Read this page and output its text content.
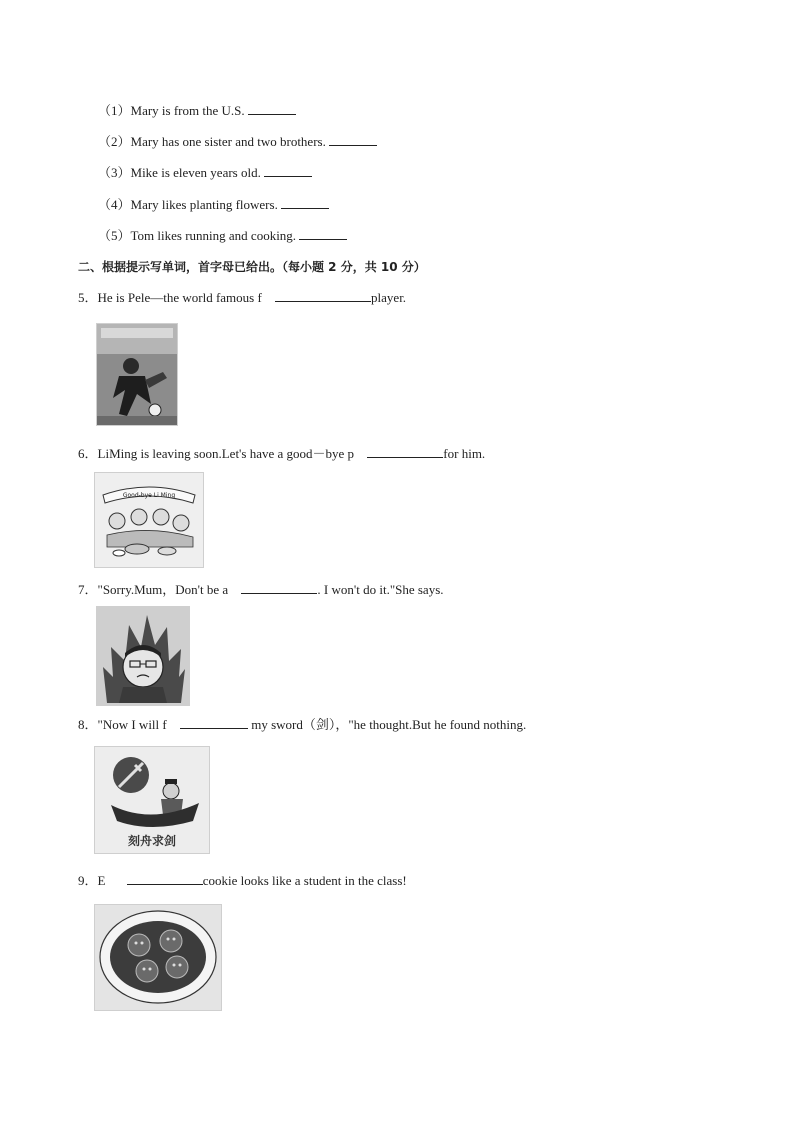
（1）Mary is from the U.S.
（2）Mary has one sister and two brothers.
（3）Mike is eleven years old.
（4）Mary likes planting flowers.
（5）Tom likes running and cooking.
二、根据提示写单词，首字母已给出。（每小题 2 分，共 10 分）
5．He is Pele—the world famous f	player.
6．LiMing is leaving soon.Let's have a good－bye p	for him.
Good-bye Li Ming
7．"Sorry.Mum，Don't be a	. I won't do it."She says.
8．"Now I will f	my sword（剑），"he thought.But he found nothing.
刻舟求剑
9．E	cookie looks like a student in the class!
